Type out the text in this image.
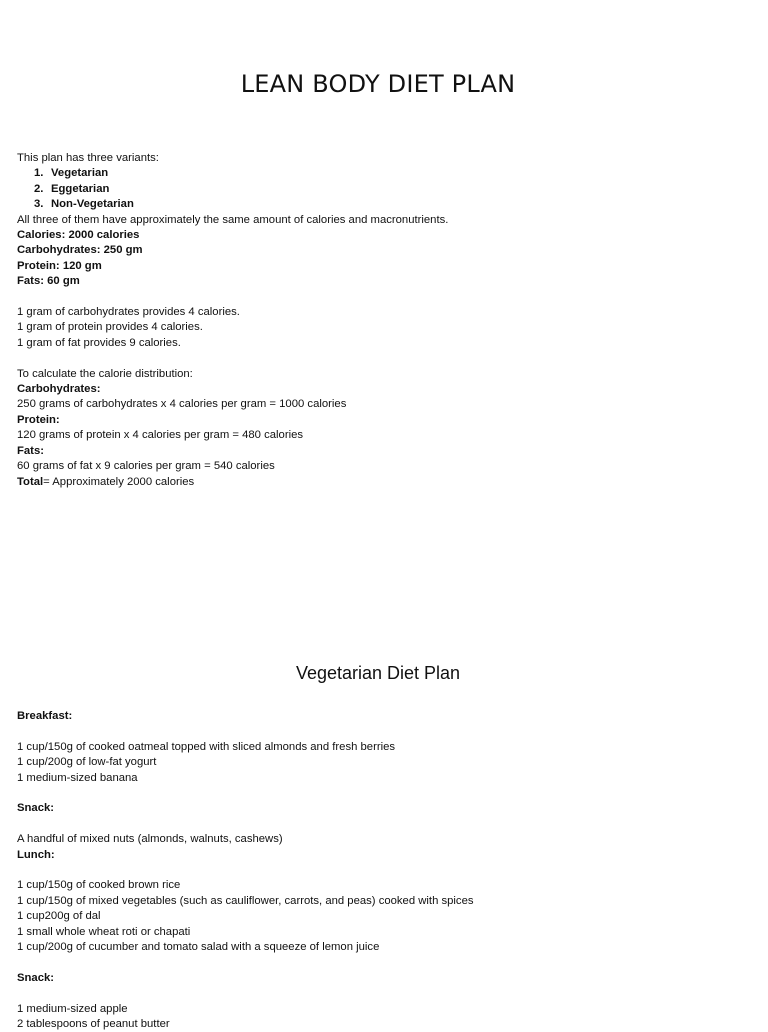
LEAN BODY DIET PLAN
This plan has three variants:
1. Vegetarian
2. Eggetarian
3. Non-Vegetarian
All three of them have approximately the same amount of calories and macronutrients.
Calories: 2000 calories
Carbohydrates: 250 gm
Protein: 120 gm
Fats: 60 gm
1 gram of carbohydrates provides 4 calories.
1 gram of protein provides 4 calories.
1 gram of fat provides 9 calories.
To calculate the calorie distribution:
Carbohydrates:
250 grams of carbohydrates x 4 calories per gram = 1000 calories
Protein:
120 grams of protein x 4 calories per gram = 480 calories
Fats:
60 grams of fat x 9 calories per gram = 540 calories
Total= Approximately 2000 calories
Vegetarian Diet Plan
Breakfast:
1 cup/150g of cooked oatmeal topped with sliced almonds and fresh berries
1 cup/200g of low-fat yogurt
1 medium-sized banana
Snack:
A handful of mixed nuts (almonds, walnuts, cashews)
Lunch:
1 cup/150g of cooked brown rice
1 cup/150g of mixed vegetables (such as cauliflower, carrots, and peas) cooked with spices
1 cup200g of dal
1 small whole wheat roti or chapati
1 cup/200g of cucumber and tomato salad with a squeeze of lemon juice
Snack:
1 medium-sized apple
2 tablespoons of peanut butter
